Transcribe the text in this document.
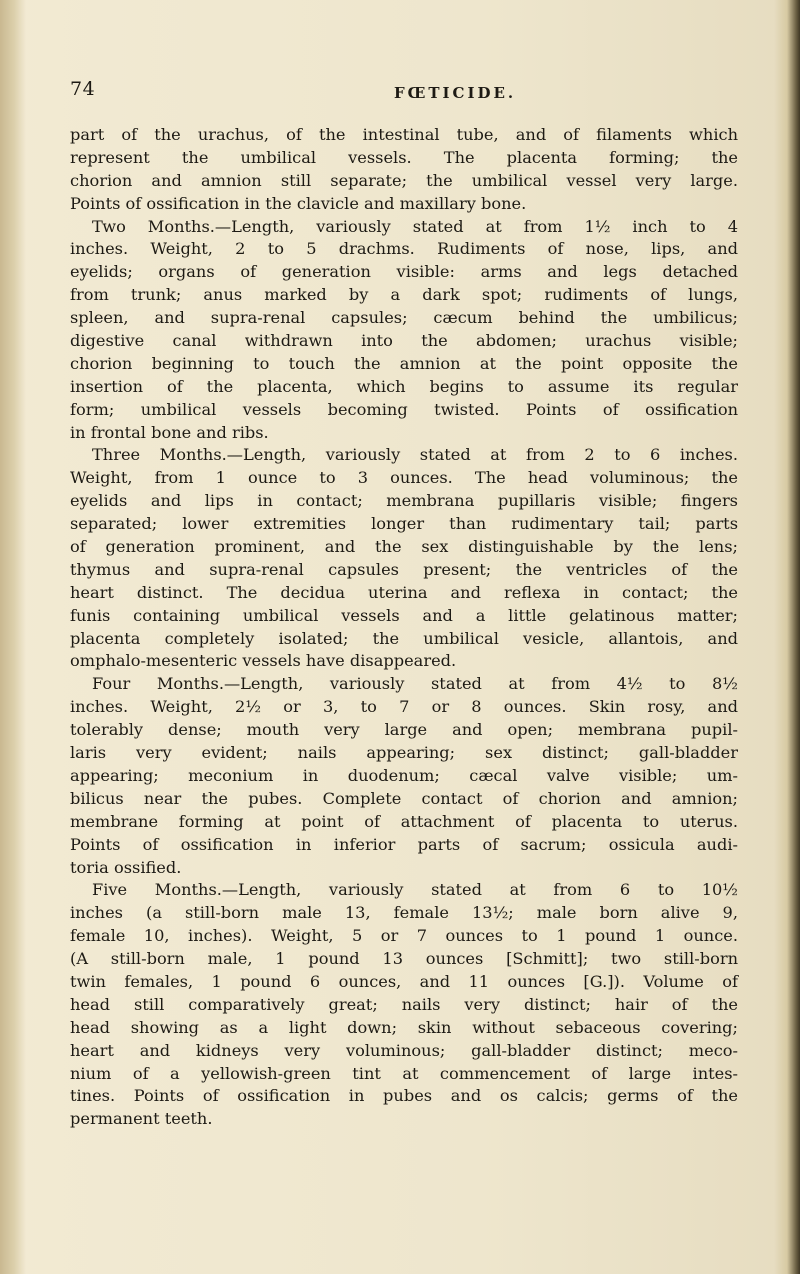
74	FŒTICIDE.
part of the urachus, of the intestinal tube, and of filaments which
represent the umbilical vessels. The placenta forming; the
chorion and amnion still separate; the umbilical vessel very large.
Points of ossification in the clavicle and maxillary bone.
Two Months.—Length, variously stated at from 1½ inch to 4
inches. Weight, 2 to 5 drachms. Rudiments of nose, lips, and
eyelids; organs of generation visible: arms and legs detached
from trunk; anus marked by a dark spot; rudiments of lungs,
spleen, and supra-renal capsules; cæcum behind the umbilicus;
digestive canal withdrawn into the abdomen; urachus visible;
chorion beginning to touch the amnion at the point opposite the
insertion of the placenta, which begins to assume its regular
form; umbilical vessels becoming twisted. Points of ossification
in frontal bone and ribs.
Three Months.—Length, variously stated at from 2 to 6 inches.
Weight, from 1 ounce to 3 ounces. The head voluminous; the
eyelids and lips in contact; membrana pupillaris visible; fingers
separated; lower extremities longer than rudimentary tail; parts
of generation prominent, and the sex distinguishable by the lens;
thymus and supra-renal capsules present; the ventricles of the
heart distinct. The decidua uterina and reflexa in contact; the
funis containing umbilical vessels and a little gelatinous matter;
placenta completely isolated; the umbilical vesicle, allantois, and
omphalo-mesenteric vessels have disappeared.
Four Months.—Length, variously stated at from 4½ to 8½
inches. Weight, 2½ or 3, to 7 or 8 ounces. Skin rosy, and
tolerably dense; mouth very large and open; membrana pupil-
laris very evident; nails appearing; sex distinct; gall-bladder
appearing; meconium in duodenum; cæcal valve visible; um-
bilicus near the pubes. Complete contact of chorion and amnion;
membrane forming at point of attachment of placenta to uterus.
Points of ossification in inferior parts of sacrum; ossicula audi-
toria ossified.
Five Months.—Length, variously stated at from 6 to 10½
inches (a still-born male 13, female 13½; male born alive 9,
female 10, inches). Weight, 5 or 7 ounces to 1 pound 1 ounce.
(A still-born male, 1 pound 13 ounces [Schmitt]; two still-born
twin females, 1 pound 6 ounces, and 11 ounces [G.]). Volume of
head still comparatively great; nails very distinct; hair of the
head showing as a light down; skin without sebaceous covering;
heart and kidneys very voluminous; gall-bladder distinct; meco-
nium of a yellowish-green tint at commencement of large intes-
tines. Points of ossification in pubes and os calcis; germs of the
permanent teeth.
